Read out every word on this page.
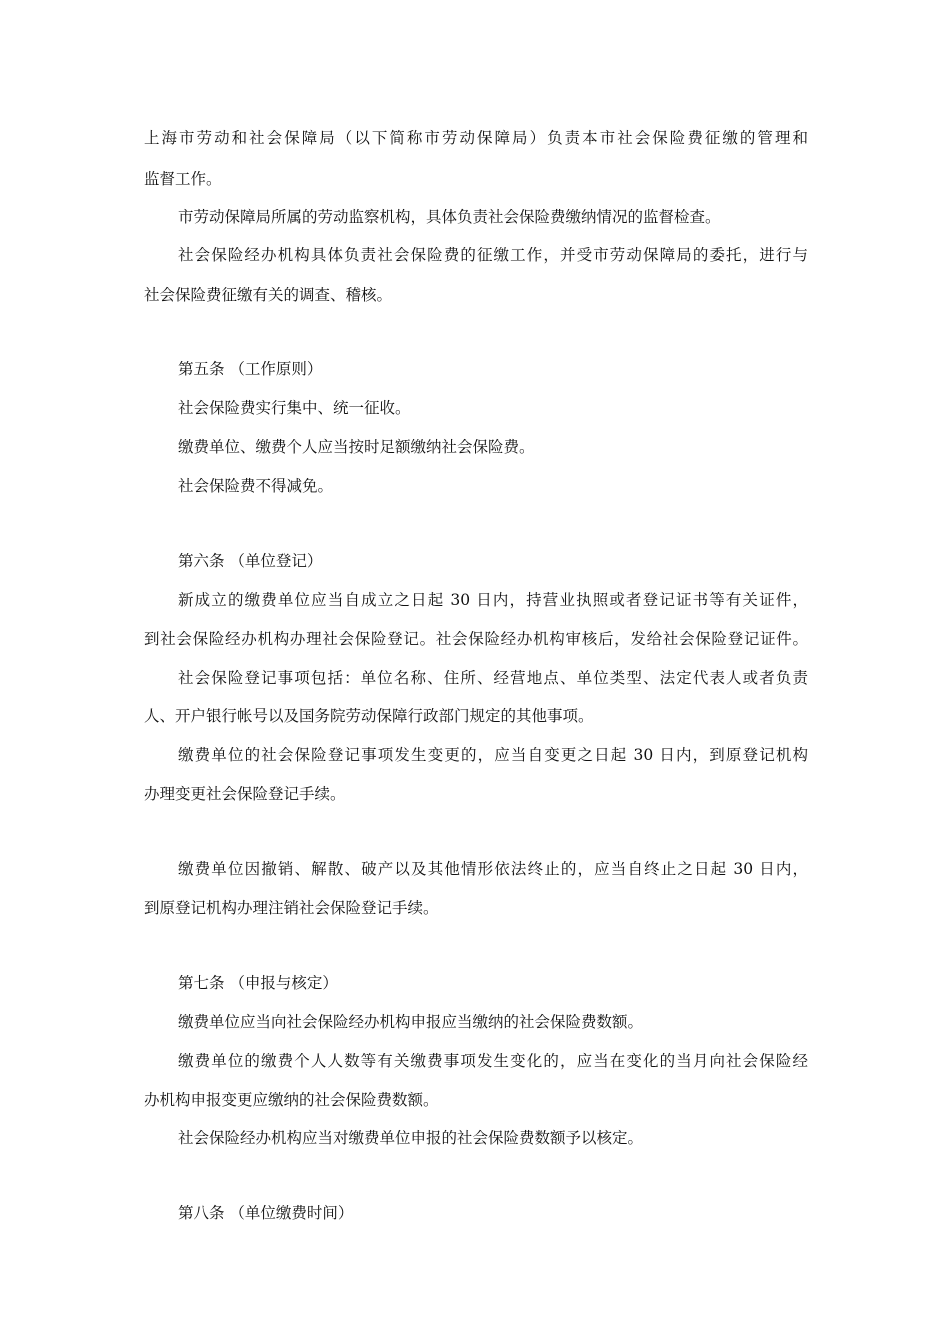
上海市劳动和社会保障局（以下简称市劳动保障局）负责本市社会保险费征缴的管理和
监督工作。
市劳动保障局所属的劳动监察机构，具体负责社会保险费缴纳情况的监督检查。
社会保险经办机构具体负责社会保险费的征缴工作，并受市劳动保障局的委托，进行与
社会保险费征缴有关的调查、稽核。
第五条 （工作原则）
社会保险费实行集中、统一征收。
缴费单位、缴费个人应当按时足额缴纳社会保险费。
社会保险费不得减免。
第六条 （单位登记）
新成立的缴费单位应当自成立之日起 30 日内，持营业执照或者登记证书等有关证件，
到社会保险经办机构办理社会保险登记。社会保险经办机构审核后，发给社会保险登记证件。
社会保险登记事项包括：单位名称、住所、经营地点、单位类型、法定代表人或者负责
人、开户银行帐号以及国务院劳动保障行政部门规定的其他事项。
缴费单位的社会保险登记事项发生变更的，应当自变更之日起 30 日内，到原登记机构
办理变更社会保险登记手续。
缴费单位因撤销、解散、破产以及其他情形依法终止的，应当自终止之日起 30 日内，
到原登记机构办理注销社会保险登记手续。
第七条 （申报与核定）
缴费单位应当向社会保险经办机构申报应当缴纳的社会保险费数额。
缴费单位的缴费个人人数等有关缴费事项发生变化的，应当在变化的当月向社会保险经
办机构申报变更应缴纳的社会保险费数额。
社会保险经办机构应当对缴费单位申报的社会保险费数额予以核定。
第八条 （单位缴费时间）
